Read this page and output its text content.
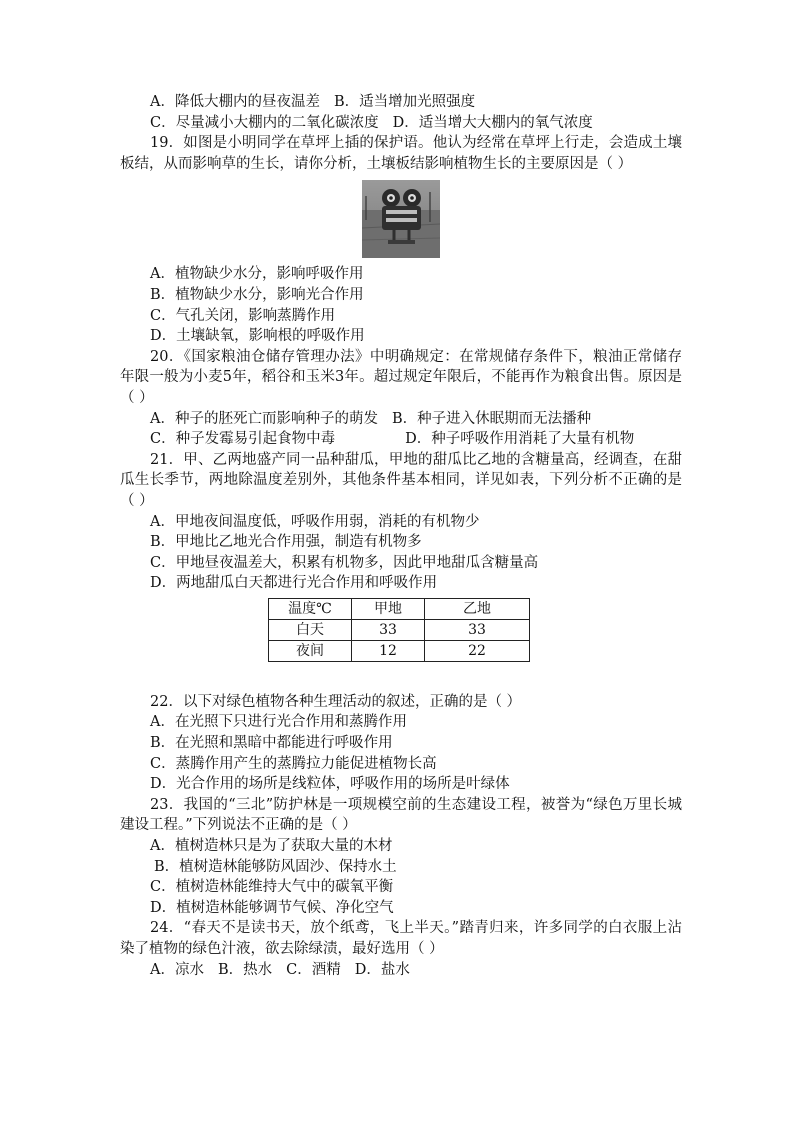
A．降低大棚内的昼夜温差 B．适当增加光照强度
C．尽量减小大棚内的二氧化碳浓度 D．适当增大大棚内的氧气浓度
19．如图是小明同学在草坪上插的保护语。他认为经常在草坪上行走，会造成土壤板结，从而影响草的生长，请你分析，土壤板结影响植物生长的主要原因是（ ）
A．植物缺少水分，影响呼吸作用
B．植物缺少水分，影响光合作用
C．气孔关闭，影响蒸腾作用
D．土壤缺氧，影响根的呼吸作用
20．《国家粮油仓储存管理办法》中明确规定：在常规储存条件下，粮油正常储存年限一般为小麦5年，稻谷和玉米3年。超过规定年限后，不能再作为粮食出售。原因是（ ）
A．种子的胚死亡而影响种子的萌发 B．种子进入休眠期而无法播种
C．种子发霉易引起食物中毒	D．种子呼吸作用消耗了大量有机物
21．甲、乙两地盛产同一品种甜瓜，甲地的甜瓜比乙地的含糖量高，经调查，在甜瓜生长季节，两地除温度差别外，其他条件基本相同，详见如表，下列分析不正确的是（ ）
A．甲地夜间温度低，呼吸作用弱，消耗的有机物少
B．甲地比乙地光合作用强，制造有机物多
C．甲地昼夜温差大，积累有机物多，因此甲地甜瓜含糖量高
D．两地甜瓜白天都进行光合作用和呼吸作用
温度℃	甲地	乙地
白天	33	33
夜间	12	22
22．以下对绿色植物各种生理活动的叙述，正确的是（ ）
A．在光照下只进行光合作用和蒸腾作用
B．在光照和黑暗中都能进行呼吸作用
C．蒸腾作用产生的蒸腾拉力能促进植物长高
D．光合作用的场所是线粒体，呼吸作用的场所是叶绿体
23．我国的“三北”防护林是一项规模空前的生态建设工程，被誉为“绿色万里长城建设工程。”下列说法不正确的是（ ）
A．植树造林只是为了获取大量的木材
B．植树造林能够防风固沙、保持水土
C．植树造林能维持大气中的碳氧平衡
D．植树造林能够调节气候、净化空气
24．“春天不是读书天，放个纸鸢，飞上半天。”踏青归来，许多同学的白衣服上沾染了植物的绿色汁液，欲去除绿渍，最好选用（ ）
A．凉水 B．热水 C．酒精 D．盐水
